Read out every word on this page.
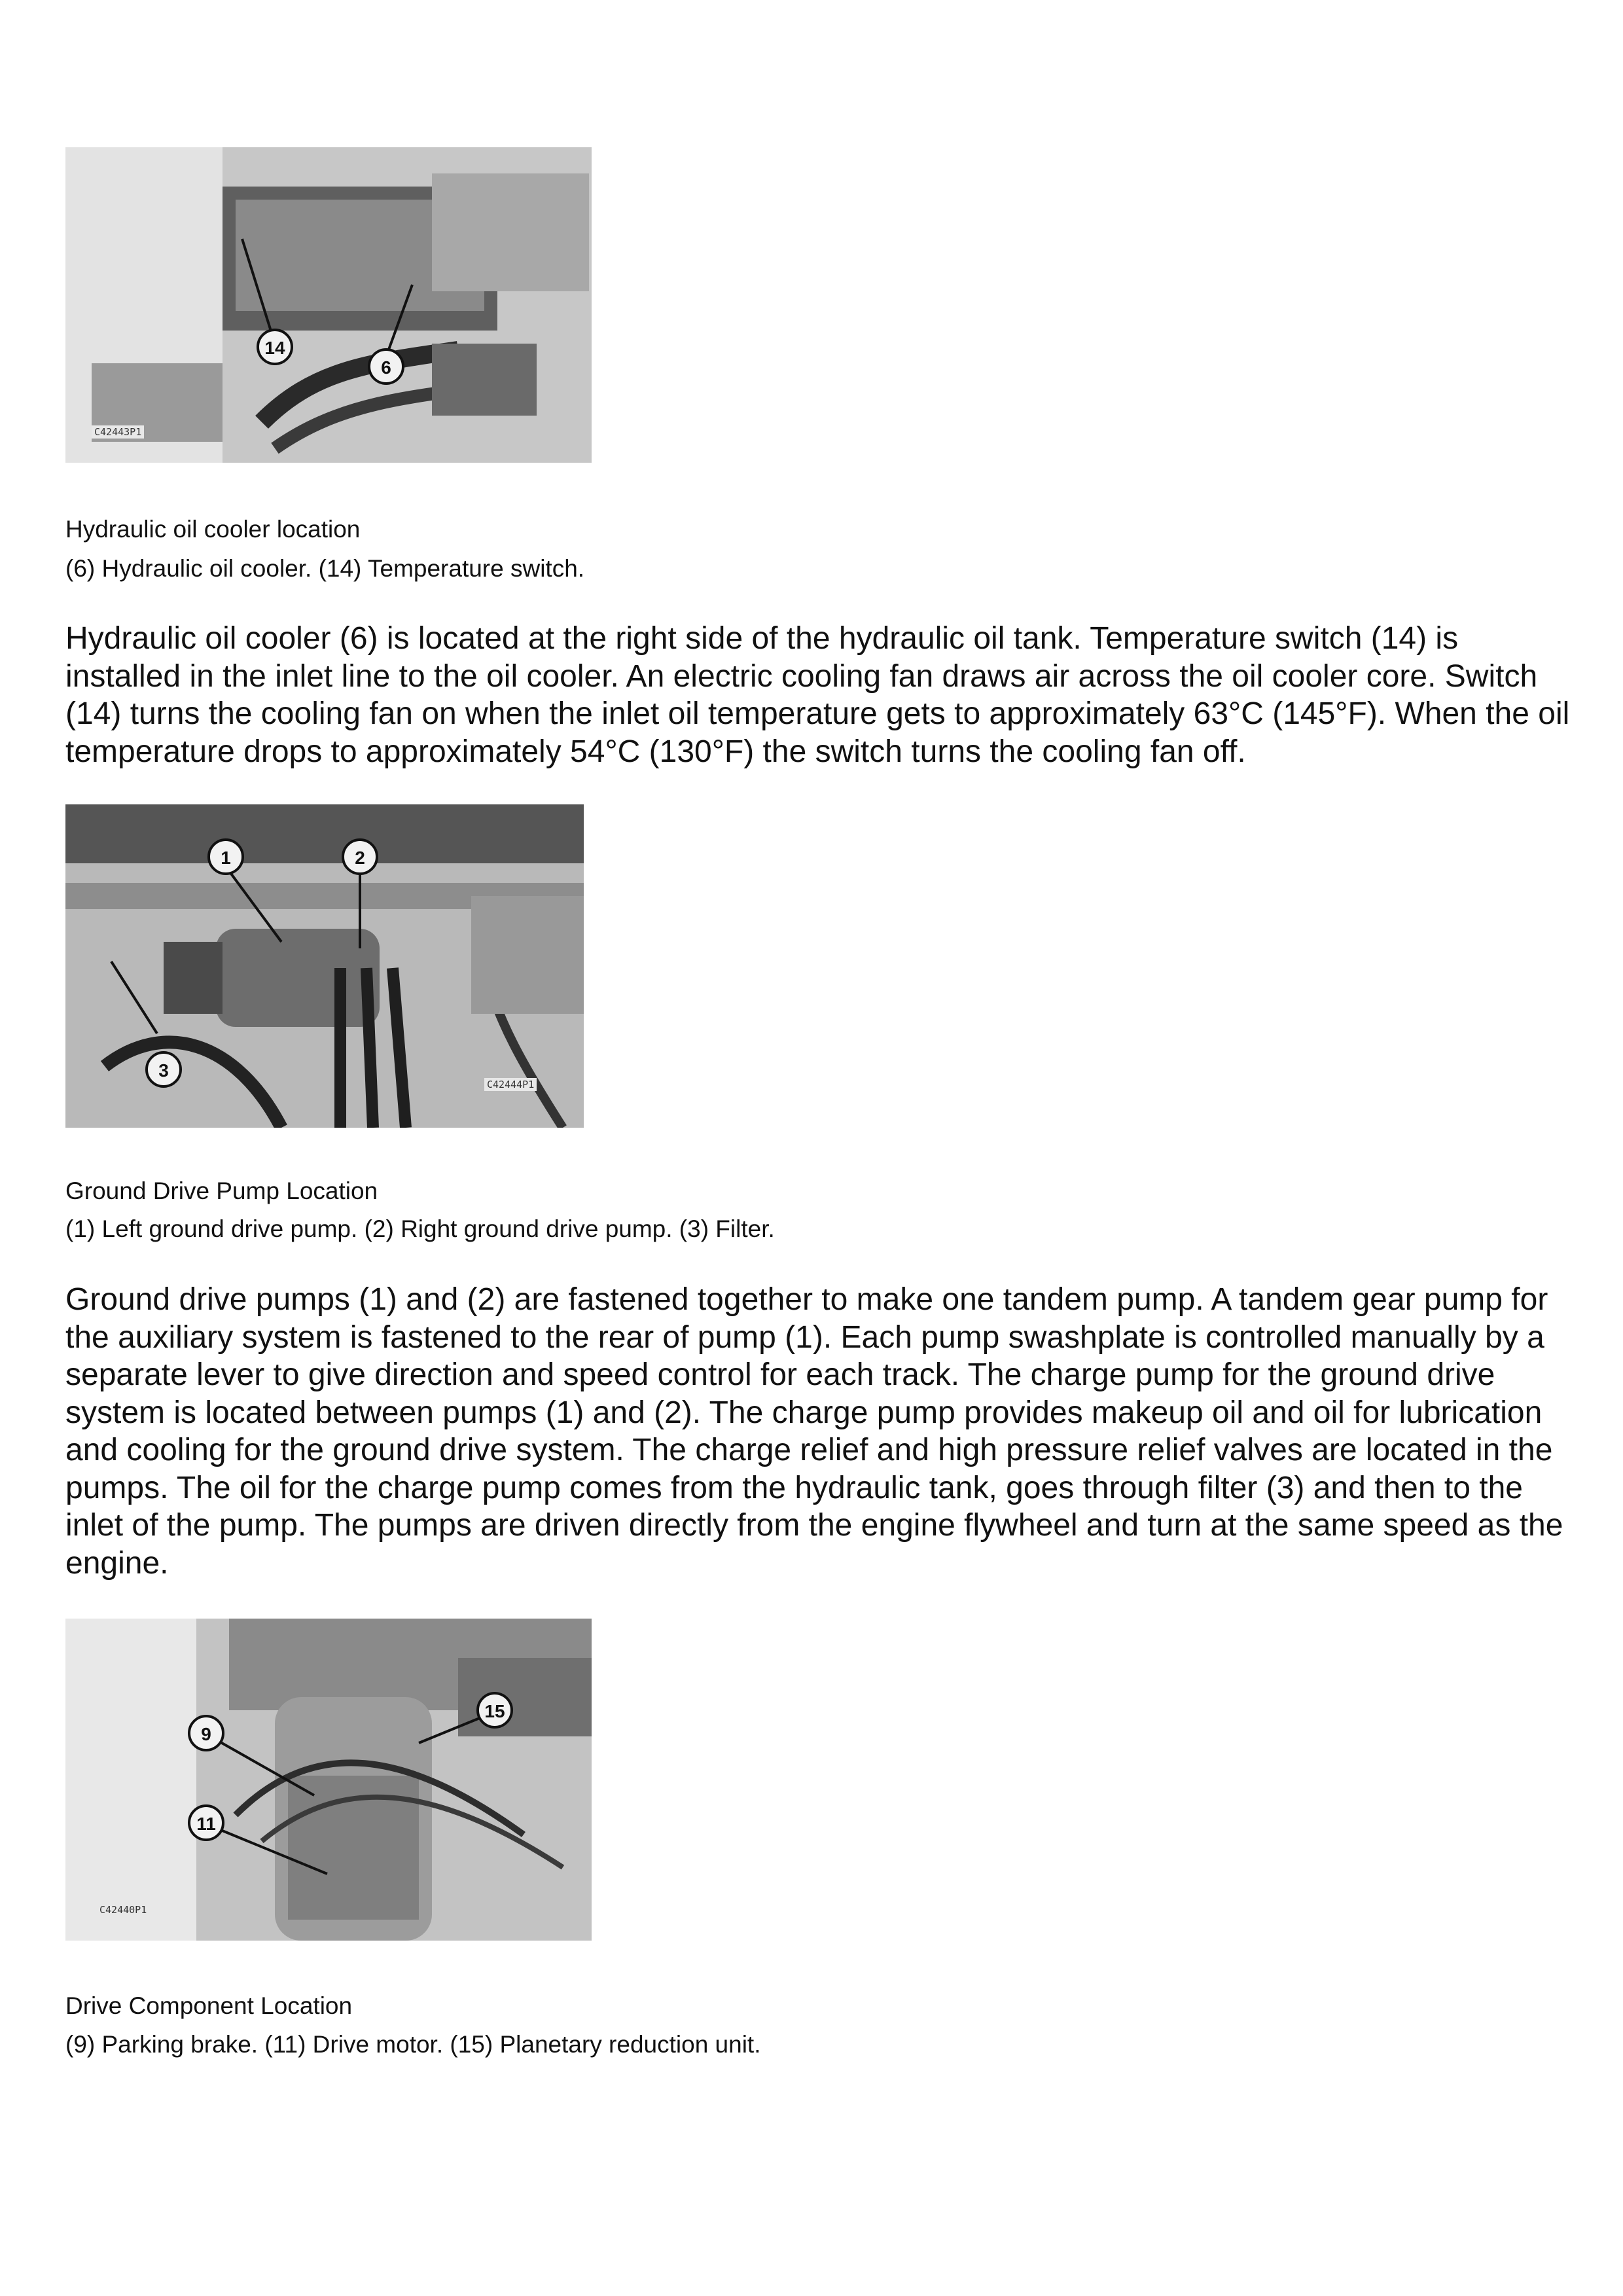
14
6
C42443P1

Hydraulic oil cooler location

(6) Hydraulic oil cooler. (14) Temperature switch.

Hydraulic oil cooler (6) is located at the right side of the hydraulic oil tank. Temperature switch (14) is installed in the inlet line to the oil cooler. An electric cooling fan draws air across the oil cooler core. Switch (14) turns the cooling fan on when the inlet oil temperature gets to approximately 63°C (145°F). When the oil temperature drops to approximately 54°C (130°F) the switch turns the cooling fan off.

1	2
3
C42444P1

Ground Drive Pump Location

(1) Left ground drive pump. (2) Right ground drive pump. (3) Filter.

Ground drive pumps (1) and (2) are fastened together to make one tandem pump. A tandem gear pump for the auxiliary system is fastened to the rear of pump (1). Each pump swashplate is controlled manually by a separate lever to give direction and speed control for each track. The charge pump for the ground drive system is located between pumps (1) and (2). The charge pump provides makeup oil and oil for lubrication and cooling for the ground drive system. The charge relief and high pressure relief valves are located in the pumps. The oil for the charge pump comes from the hydraulic tank, goes through filter (3) and then to the inlet of the pump. The pumps are driven directly from the engine flywheel and turn at the same speed as the engine.

9
11
15
C42440P1

Drive Component Location

(9) Parking brake. (11) Drive motor. (15) Planetary reduction unit.
